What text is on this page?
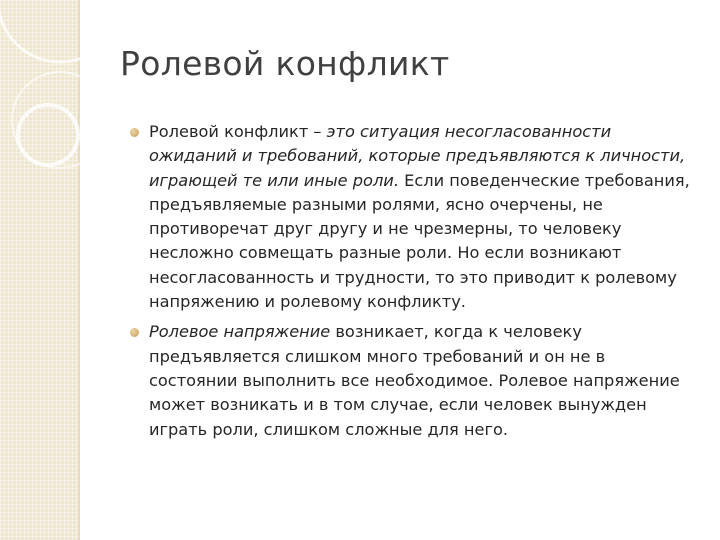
Ролевой конфликт
Ролевой конфликт – это ситуация несогласованности ожиданий и требований, которые предъявляются к личности, играющей те или иные роли. Если поведенческие требования, предъявляемые разными ролями, ясно очерчены, не противоречат друг другу и не чрезмерны, то человеку несложно совмещать разные роли. Но если возникают несогласованность и трудности, то это приводит к ролевому напряжению и ролевому конфликту.
Ролевое напряжение возникает, когда к человеку предъявляется слишком много требований и он не в состоянии выполнить все необходимое. Ролевое напряжение может возникать и в том случае, если человек вынужден играть роли, слишком сложные для него.
